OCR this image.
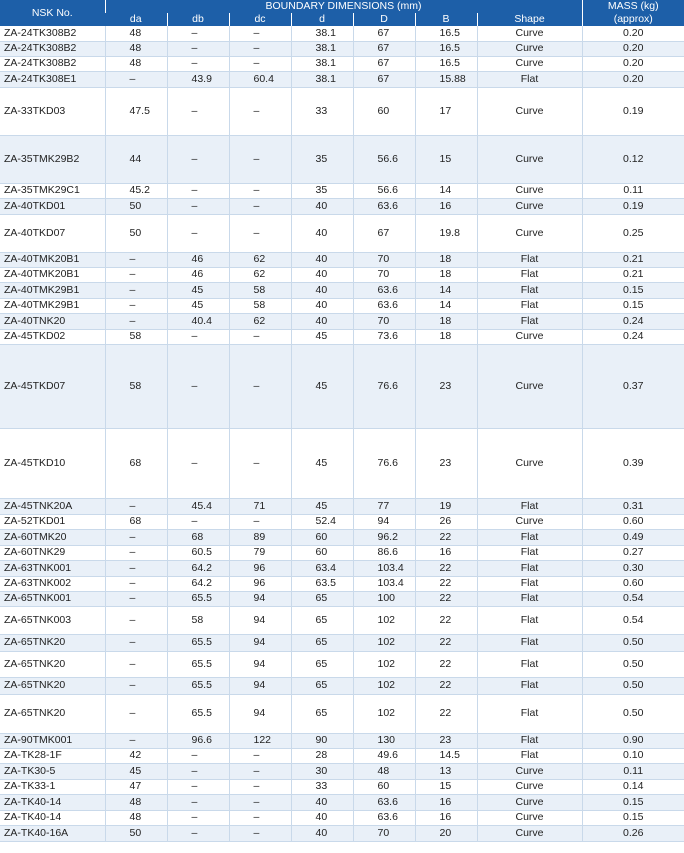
NSK No.	BOUNDARY DIMENSIONS (mm)							MASS (kg)
	da	db	dc	d	D	B	Shape	(approx)
ZA-24TK308B2	48	–	–	38.1	67	16.5	Curve	0.20
ZA-24TK308B2	48	–	–	38.1	67	16.5	Curve	0.20
ZA-24TK308B2	48	–	–	38.1	67	16.5	Curve	0.20
ZA-24TK308E1	–	43.9	60.4	38.1	67	15.88	Flat	0.20
ZA-33TKD03	47.5	–	–	33	60	17	Curve	0.19
ZA-35TMK29B2	44	–	–	35	56.6	15	Curve	0.12
ZA-35TMK29C1	45.2	–	–	35	56.6	14	Curve	0.11
ZA-40TKD01	50	–	–	40	63.6	16	Curve	0.19
ZA-40TKD07	50	–	–	40	67	19.8	Curve	0.25
ZA-40TMK20B1	–	46	62	40	70	18	Flat	0.21
ZA-40TMK20B1	–	46	62	40	70	18	Flat	0.21
ZA-40TMK29B1	–	45	58	40	63.6	14	Flat	0.15
ZA-40TMK29B1	–	45	58	40	63.6	14	Flat	0.15
ZA-40TNK20	–	40.4	62	40	70	18	Flat	0.24
ZA-45TKD02	58	–	–	45	73.6	18	Curve	0.24
ZA-45TKD07	58	–	–	45	76.6	23	Curve	0.37
ZA-45TKD10	68	–	–	45	76.6	23	Curve	0.39
ZA-45TNK20A	–	45.4	71	45	77	19	Flat	0.31
ZA-52TKD01	68	–	–	52.4	94	26	Curve	0.60
ZA-60TMK20	–	68	89	60	96.2	22	Flat	0.49
ZA-60TNK29	–	60.5	79	60	86.6	16	Flat	0.27
ZA-63TNK001	–	64.2	96	63.4	103.4	22	Flat	0.30
ZA-63TNK002	–	64.2	96	63.5	103.4	22	Flat	0.60
ZA-65TNK001	–	65.5	94	65	100	22	Flat	0.54
ZA-65TNK003	–	58	94	65	102	22	Flat	0.54
ZA-65TNK20	–	65.5	94	65	102	22	Flat	0.50
ZA-65TNK20	–	65.5	94	65	102	22	Flat	0.50
ZA-65TNK20	–	65.5	94	65	102	22	Flat	0.50
ZA-65TNK20	–	65.5	94	65	102	22	Flat	0.50
ZA-90TMK001	–	96.6	122	90	130	23	Flat	0.90
ZA-TK28-1F	42	–	–	28	49.6	14.5	Flat	0.10
ZA-TK30-5	45	–	–	30	48	13	Curve	0.11
ZA-TK33-1	47	–	–	33	60	15	Curve	0.14
ZA-TK40-14	48	–	–	40	63.6	16	Curve	0.15
ZA-TK40-14	48	–	–	40	63.6	16	Curve	0.15
ZA-TK40-16A	50	–	–	40	70	20	Curve	0.26
